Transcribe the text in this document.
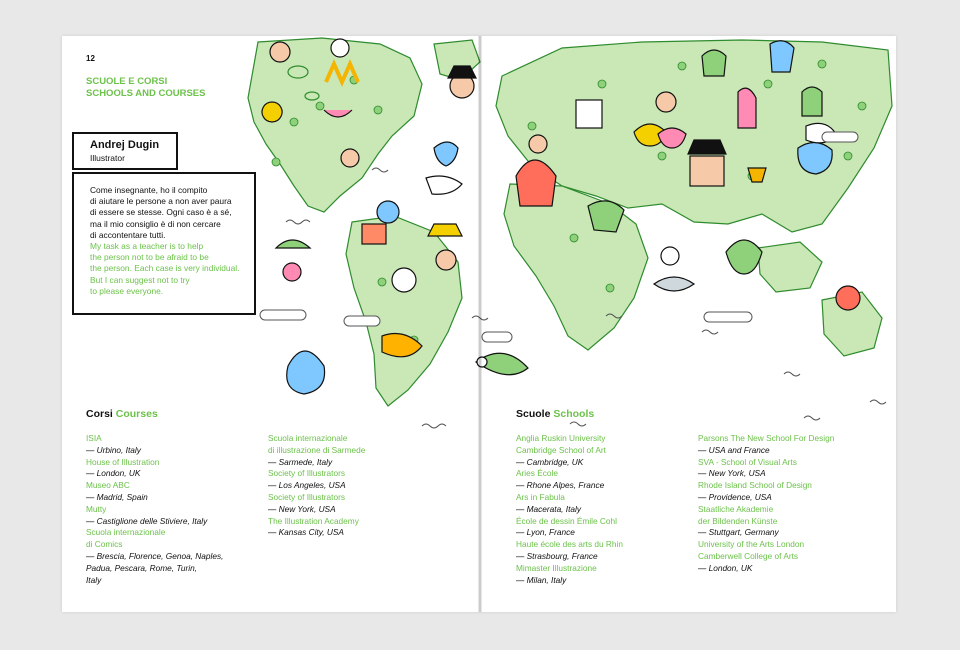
12
SCUOLE E CORSI
SCHOOLS AND COURSES
Andrej Dugin
Illustrator
Come insegnante, ho il compito
di aiutare le persone a non aver paura
di essere se stesse. Ogni caso è a sé,
ma il mio consiglio è di non cercare
di accontentare tutti.
My task as a teacher is to help
the person not to be afraid to be
the person. Each case is very individual.
But I can suggest not to try
to please everyone.
Corsi Courses
ISIA
— Urbino, Italy
House of Illustration
— London, UK
Museo ABC
— Madrid, Spain
Mutty
— Castiglione delle Stiviere, Italy
Scuola internazionale
di Comics
— Brescia, Florence, Genoa, Naples,
Padua, Pescara, Rome, Turin,
Italy
Scuola internazionale
di illustrazione di Sarmede
— Sarmede, Italy
Society of Illustrators
— Los Angeles, USA
Society of Illustrators
— New York, USA
The Illustration Academy
— Kansas City, USA
Scuole Schools
Anglia Ruskin University
Cambridge School of Art
— Cambridge, UK
Aries École
— Rhone Alpes, France
Ars in Fabula
— Macerata, Italy
École de dessin Émile Cohl
— Lyon, France
Haute école des arts du Rhin
— Strasbourg, France
Mimaster Illustrazione
— Milan, Italy
Parsons The New School For Design
— USA and France
SVA - School of Visual Arts
— New York, USA
Rhode Island School of Design
— Providence, USA
Staatliche Akademie
der Bildenden Künste
— Stuttgart, Germany
University of the Arts London
Camberwell College of Arts
— London, UK
